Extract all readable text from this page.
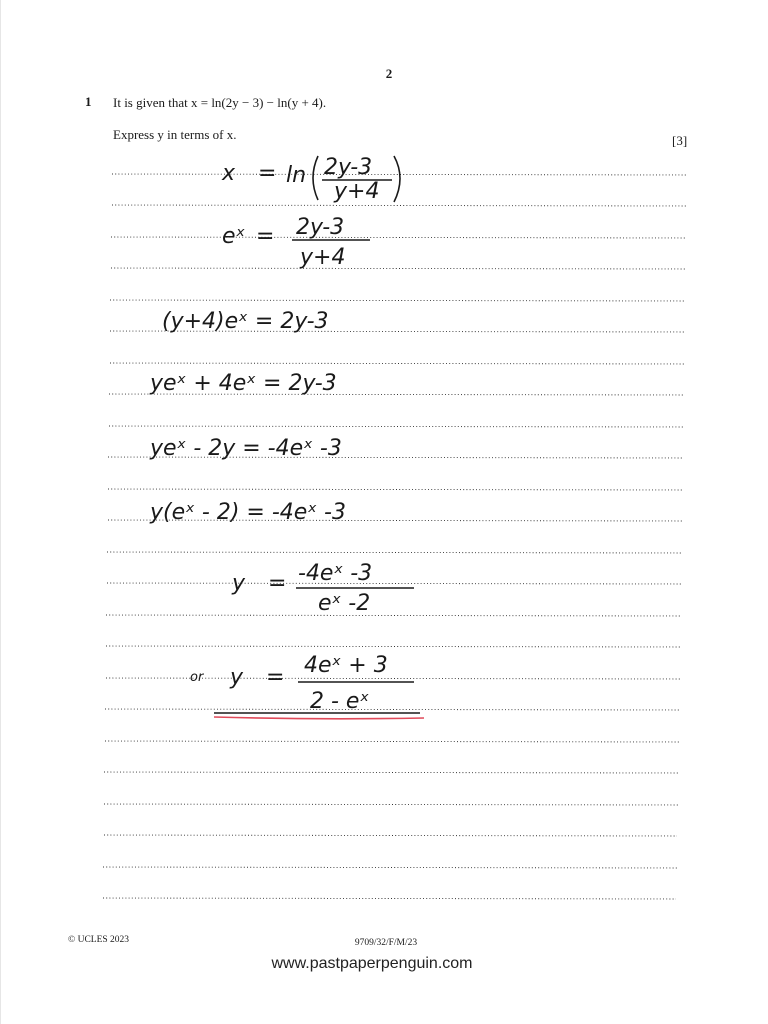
2
1 It is given that x = ln(2y − 3) − ln(y + 4).
Express y in terms of x.	[3]
x = ln 2y-3
y+4
eˣ = 2y-3
y+4
(y+4)eˣ = 2y-3
yeˣ + 4eˣ = 2y-3
yeˣ - 2y = -4eˣ -3
y(eˣ - 2) = -4eˣ -3
y = -4eˣ -3
eˣ -2
or y = 4eˣ + 3
2 - eˣ
© UCLES 2023	9709/32/F/M/23
www.pastpaperpenguin.com
